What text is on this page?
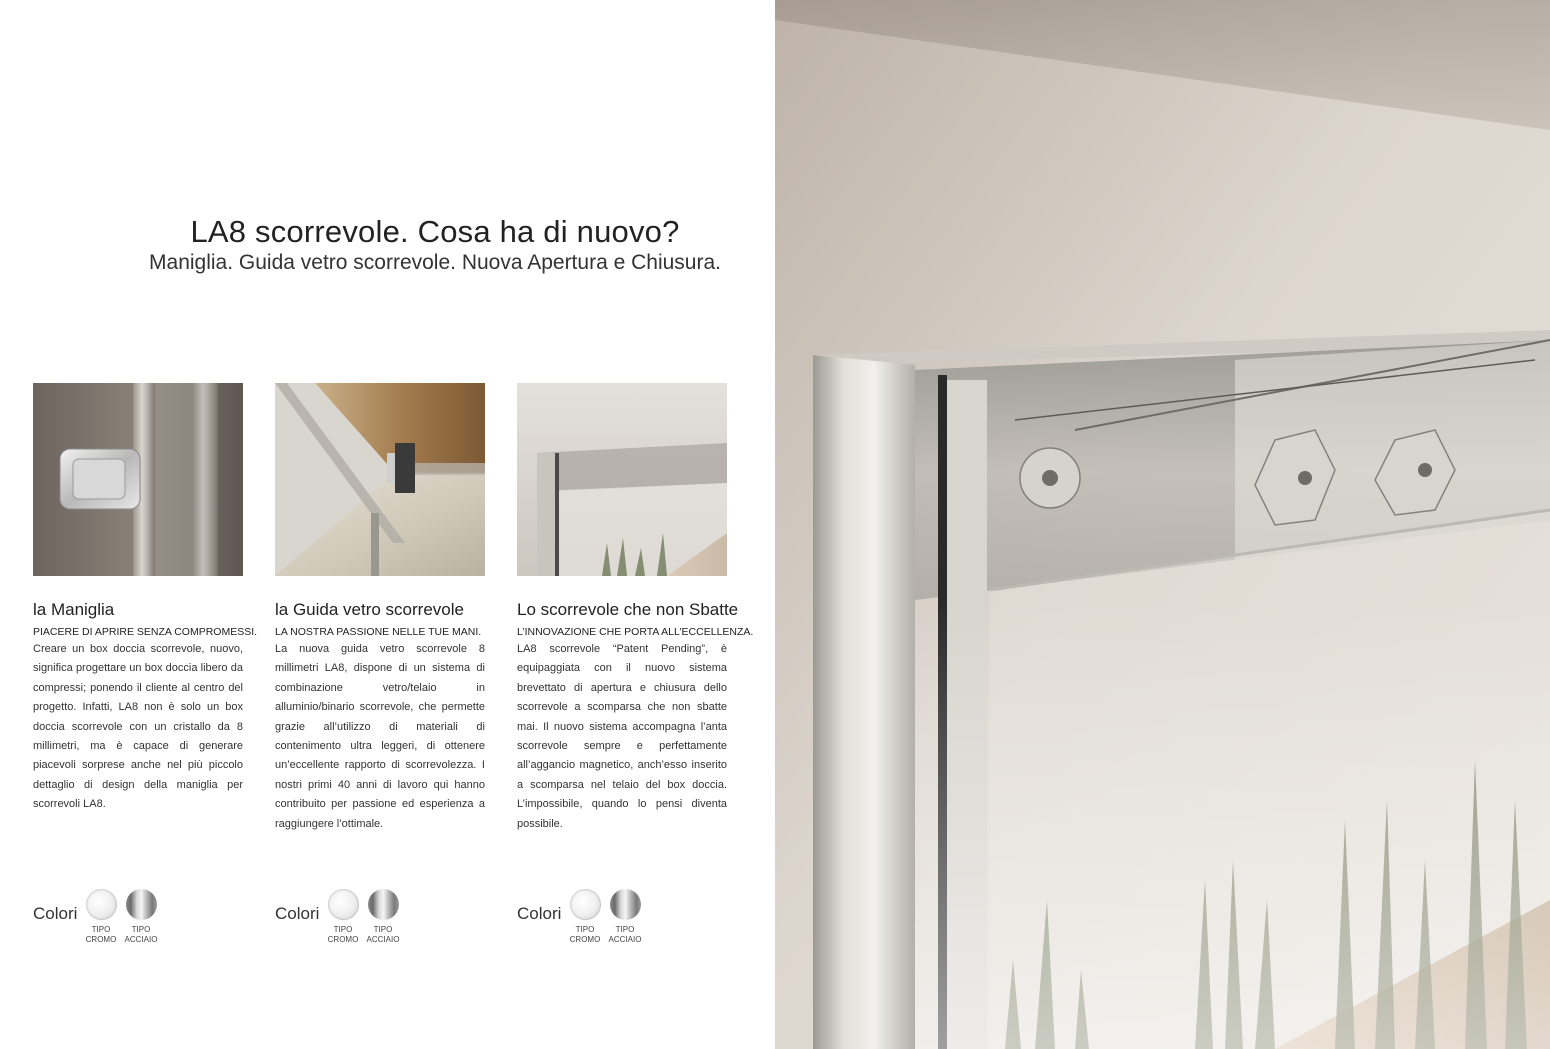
LA8 scorrevole. Cosa ha di nuovo?
Maniglia. Guida vetro scorrevole. Nuova Apertura e Chiusura.
la Maniglia
PIACERE DI APRIRE SENZA COMPROMESSI.
Creare un box doccia scorrevole, nuovo, significa progettare un box doccia libero da compressi; ponendo il cliente al centro del progetto. Infatti, LA8 non è solo un box doccia scorrevole con un cristallo da 8 millimetri, ma è capace di generare piacevoli sorprese anche nel più piccolo dettaglio di design della maniglia per scorrevoli LA8.
la Guida vetro scorrevole
LA NOSTRA PASSIONE NELLE TUE MANI.
La nuova guida vetro scorrevole 8 millimetri LA8, dispone di un sistema di combinazione vetro/telaio in alluminio/binario scorrevole, che permette grazie all’utilizzo di materiali di contenimento ultra leggeri, di ottenere un’eccellente rapporto di scorrevolezza. I nostri primi 40 anni di lavoro qui hanno contribuito per passione ed esperienza a raggiungere l’ottimale.
Lo scorrevole che non Sbatte
L’INNOVAZIONE CHE PORTA ALL’ECCELLENZA.
LA8 scorrevole “Patent Pending”, è equipaggiata con il nuovo sistema brevettato di apertura e chiusura dello scorrevole a scomparsa che non sbatte mai. Il nuovo sistema accompagna l’anta scorrevole sempre e perfettamente all’aggancio magnetico, anch’esso inserito a scomparsa nel telaio del box doccia. L’impossibile, quando lo pensi diventa possibile.
Colori
TIPO
CROMO
TIPO
ACCIAIO
Colori
TIPO
CROMO
TIPO
ACCIAIO
Colori
TIPO
CROMO
TIPO
ACCIAIO
